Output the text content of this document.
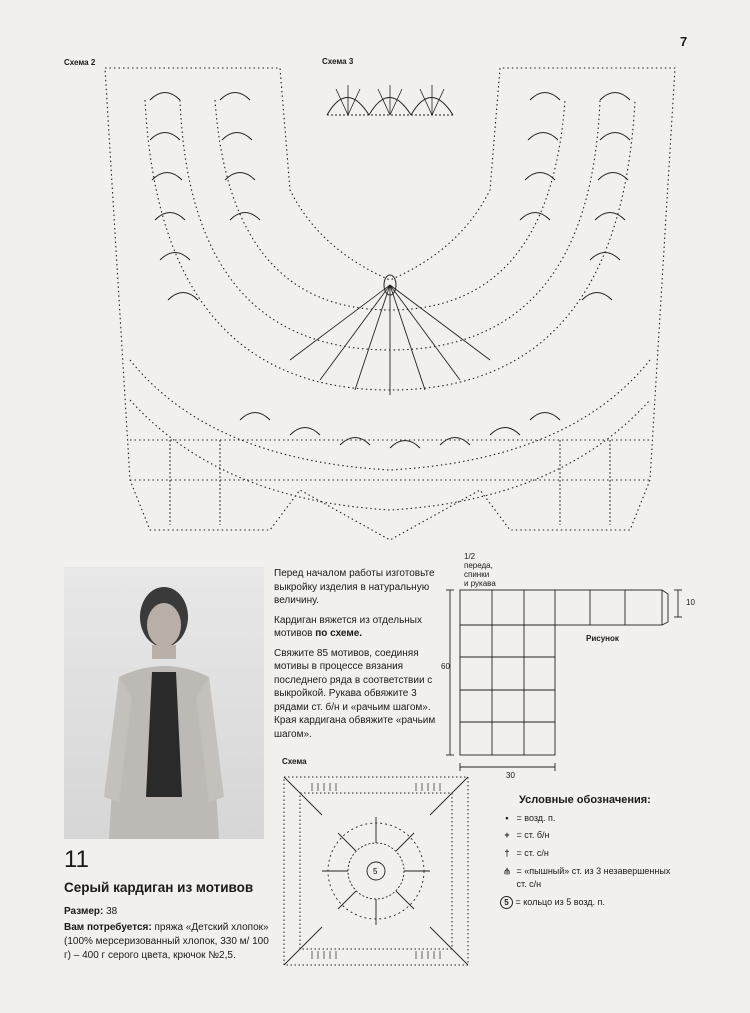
7
Схема 2	Схема 3
11
Серый кардиган из мотивов
Размер: 38
Вам потребуется: пряжа «Детский хлопок» (100% мерсеризованный хлопок, 330 м/ 100 г) – 400 г серого цвета, крючок №2,5.

Перед началом работы изготовьте выкройку изделия в натуральную величину.

Кардиган вяжется из отдельных мотивов по схеме.

Свяжите 85 мотивов, соединяя мотивы в процессе вязания последнего ряда в соответствии с выкройкой. Рукава обвяжите 3 рядами ст. б/н и «рачьим шагом». Края кардигана обвяжите «рачьим шагом».

1/2
переда,
спинки
и рукава
Рисунок
60
30
10
Схема
5
Условные обозначения:
• = возд. п.
+ = ст. б/н
† = ст. с/н
⫛ = «пышный» ст. из 3 незавершенных
ст. с/н
5 = кольцо из 5 возд. п.
